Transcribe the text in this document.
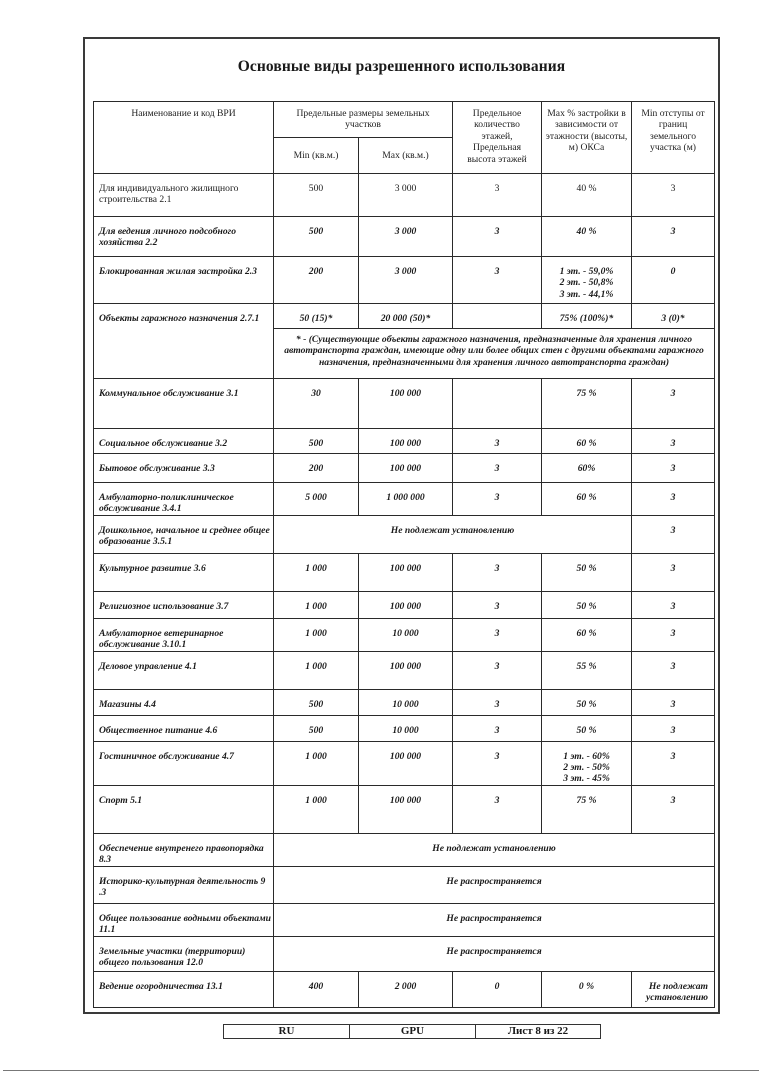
Основные виды разрешенного использования
Наименование и код ВРИ	Предельные размеры земельных участков		Предельное количество этажей, Предельная высота этажей	Max % застройки в зависимости от этажности (высоты, м) ОКСа	Min отступы от границ земельного участка (м)
	Min (кв.м.)	Max (кв.м.)			
Для индивидуального жилищного строительства 2.1	500	3 000	3	40 %	3
Для ведения личного подсобного хозяйства 2.2	500	3 000	3	40 %	3
Блокированная жилая застройка 2.3	200	3 000	3	1 эт. - 59,0%
2 эт. - 50,8%
3 эт. - 44,1%	0
Объекты гаражного назначения 2.7.1	50 (15)*	20 000 (50)*		75% (100%)*	3 (0)*
	* - (Существующие объекты гаражного назначения, предназначенные для хранения личного автотранспорта граждан, имеющие одну или более общих стен с другими объектами гаражного назначения, предназначенными для хранения личного автотранспорта граждан)				
Коммунальное обслуживание 3.1	30	100 000		75 %	3
Социальное обслуживание 3.2	500	100 000	3	60 %	3
Бытовое обслуживание 3.3	200	100 000	3	60%	3
Амбулаторно-поликлиническое обслуживание 3.4.1	5 000	1 000 000	3	60 %	3
Дошкольное, начальное и среднее общее образование 3.5.1	Не подлежат установлению				3
Культурное развитие 3.6	1 000	100 000	3	50 %	3
Религиозное использование 3.7	1 000	100 000	3	50 %	3
Амбулаторное ветеринарное обслуживание 3.10.1	1 000	10 000	3	60 %	3
Деловое управление 4.1	1 000	100 000	3	55 %	3
Магазины 4.4	500	10 000	3	50 %	3
Общественное питание 4.6	500	10 000	3	50 %	3
Гостиничное обслуживание 4.7	1 000	100 000	3	1 эт. - 60%
2 эт. - 50%
3 эт. - 45%	3
Спорт 5.1	1 000	100 000	3	75 %	3
Обеспечение внутренего правопорядка 8.3	Не подлежат установлению				
Историко-культурная деятельность 9 .3	Не распространяется				
Общее пользование водными объектами 11.1	Не распространяется				
Земельные участки (территории) общего пользования 12.0	Не распространяется				
Ведение огородничества 13.1	400	2 000	0	0 %	Не подлежат установлению
RU	GPU	Лист 8 из 22
